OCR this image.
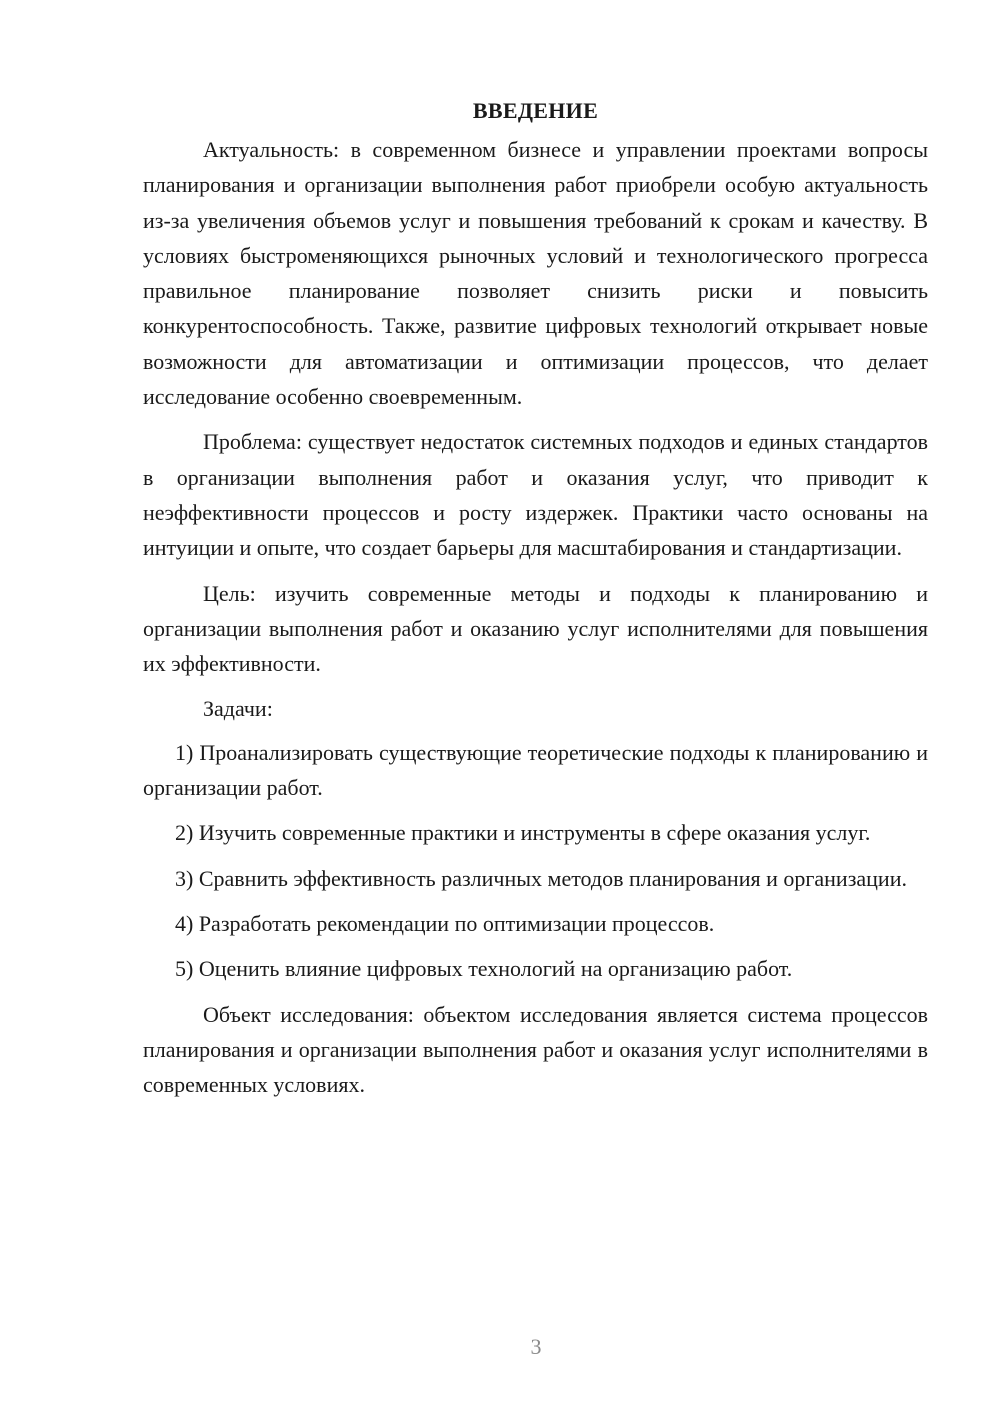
ВВЕДЕНИЕ

Актуальность: в современном бизнесе и управлении проектами вопросы планирования и организации выполнения работ приобрели особую актуальность из-за увеличения объемов услуг и повышения требований к срокам и качеству. В условиях быстроменяющихся рыночных условий и технологического прогресса правильное планирование позволяет снизить риски и повысить конкурентоспособность. Также, развитие цифровых технологий открывает новые возможности для автоматизации и оптимизации процессов, что делает исследование особенно своевременным.

Проблема: существует недостаток системных подходов и единых стандартов в организации выполнения работ и оказания услуг, что приводит к неэффективности процессов и росту издержек. Практики часто основаны на интуиции и опыте, что создает барьеры для масштабирования и стандартизации.

Цель: изучить современные методы и подходы к планированию и организации выполнения работ и оказанию услуг исполнителями для повышения их эффективности.

Задачи:

1) Проанализировать существующие теоретические подходы к планированию и организации работ.

2) Изучить современные практики и инструменты в сфере оказания услуг.

3) Сравнить эффективность различных методов планирования и организации.

4) Разработать рекомендации по оптимизации процессов.

5) Оценить влияние цифровых технологий на организацию работ.

Объект исследования: объектом исследования является система процессов планирования и организации выполнения работ и оказания услуг исполнителями в современных условиях.

3
